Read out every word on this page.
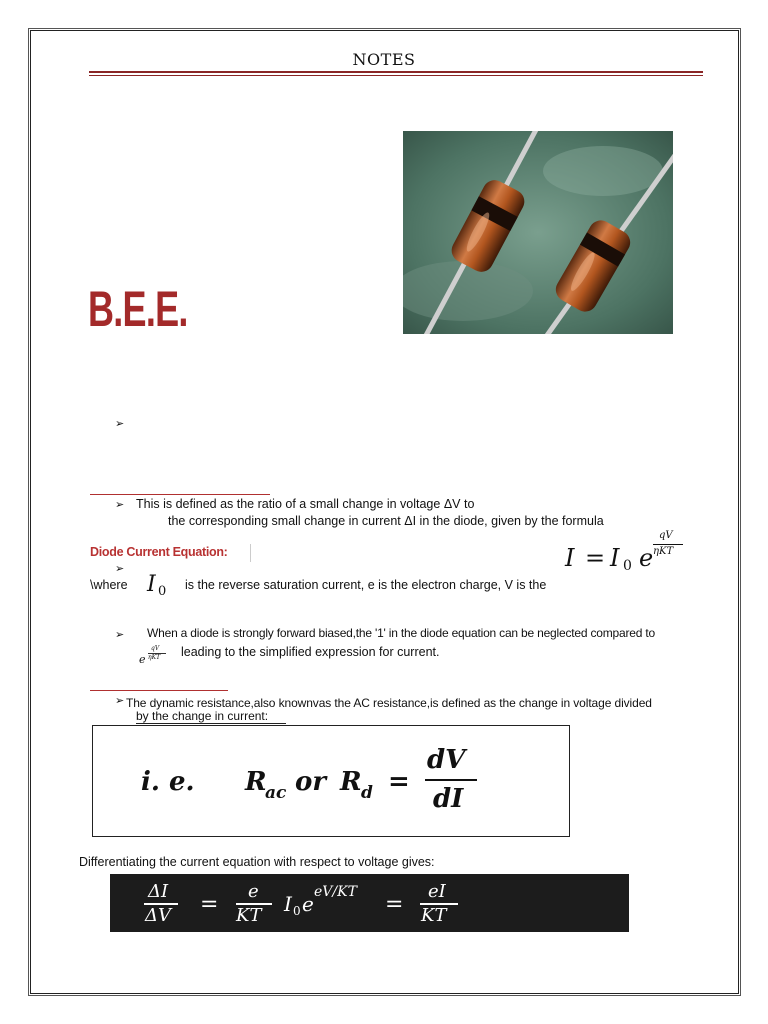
NOTES
B.E.E.
➢
➢ This is defined as the ratio of a small change in voltage ΔV to
the corresponding small change in current ΔI in the diode, given by the formula
Diode Current Equation:
➢	I = I 0 e
qV
ηKT
\where I 0 is the reverse saturation current, e is the electron charge, V is the
➢ When a diode is strongly forward biased,the '1' in the diode equation can be neglected compared to
e
qV
ηKT leading to the simplified expression for current.
➢ The dynamic resistance,also knownvas the AC resistance,is defined as the change in voltage divided
by the change in current:
i. e. R
ac or R d =
dV
dI
Differentiating the current equation with respect to voltage gives:
ΔI
ΔV =
e
KT I 0 e eV/KT =
eI
KT
